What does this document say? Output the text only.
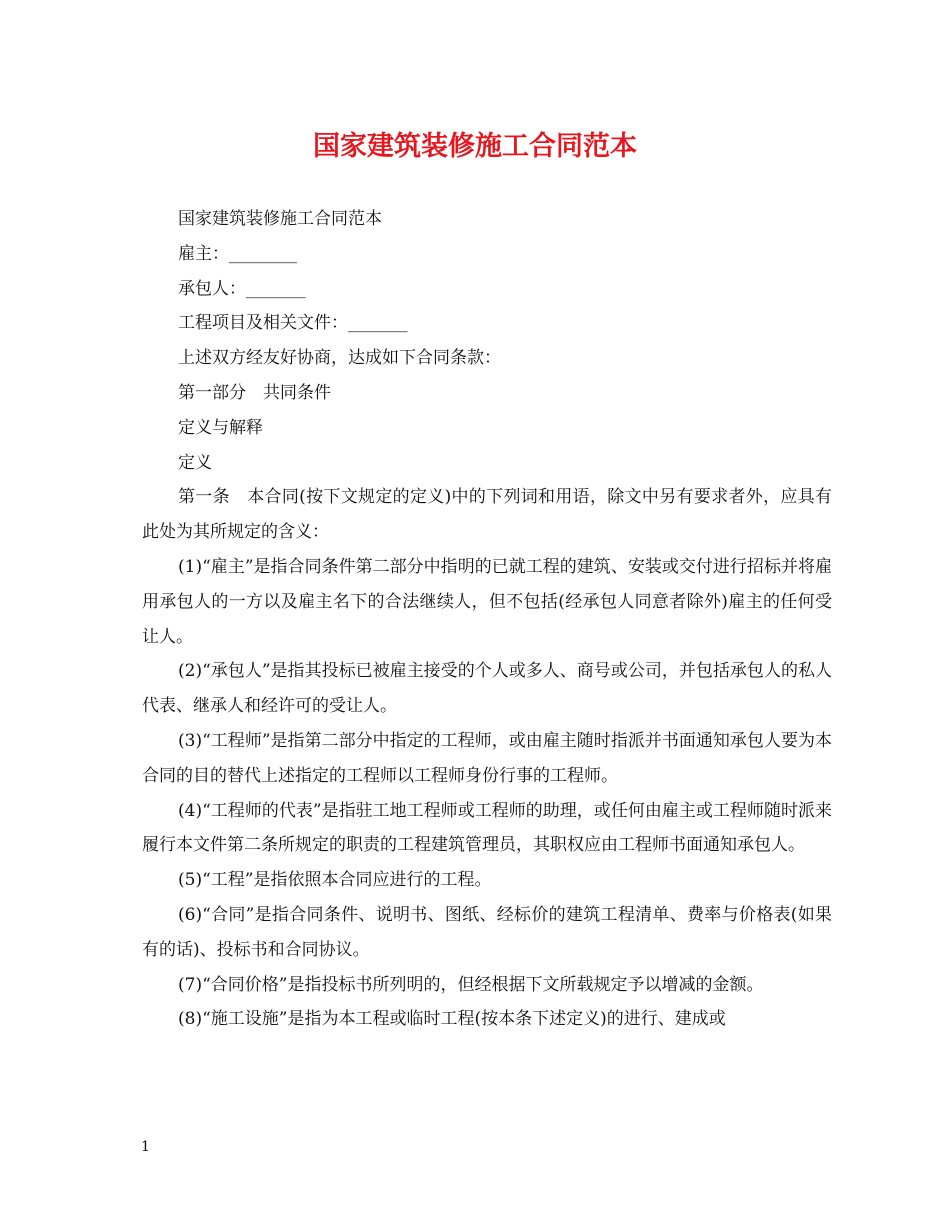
国家建筑装修施工合同范本

国家建筑装修施工合同范本

雇主：________

承包人：_______

工程项目及相关文件：_______

上述双方经友好协商，达成如下合同条款：

第一部分　共同条件

定义与解释

定义

第一条　本合同(按下文规定的定义)中的下列词和用语，除文中另有要求者外，应具有此处为其所规定的含义：

(1)“雇主”是指合同条件第二部分中指明的已就工程的建筑、安装或交付进行招标并将雇用承包人的一方以及雇主名下的合法继续人，但不包括(经承包人同意者除外)雇主的任何受让人。

(2)“承包人”是指其投标已被雇主接受的个人或多人、商号或公司，并包括承包人的私人代表、继承人和经许可的受让人。

(3)“工程师”是指第二部分中指定的工程师，或由雇主随时指派并书面通知承包人要为本合同的目的替代上述指定的工程师以工程师身份行事的工程师。

(4)“工程师的代表”是指驻工地工程师或工程师的助理，或任何由雇主或工程师随时派来履行本文件第二条所规定的职责的工程建筑管理员，其职权应由工程师书面通知承包人。

(5)“工程”是指依照本合同应进行的工程。

(6)“合同”是指合同条件、说明书、图纸、经标价的建筑工程清单、费率与价格表(如果有的话)、投标书和合同协议。

(7)“合同价格”是指投标书所列明的，但经根据下文所载规定予以增减的金额。

(8)“施工设施”是指为本工程或临时工程(按本条下述定义)的进行、建成或

1
